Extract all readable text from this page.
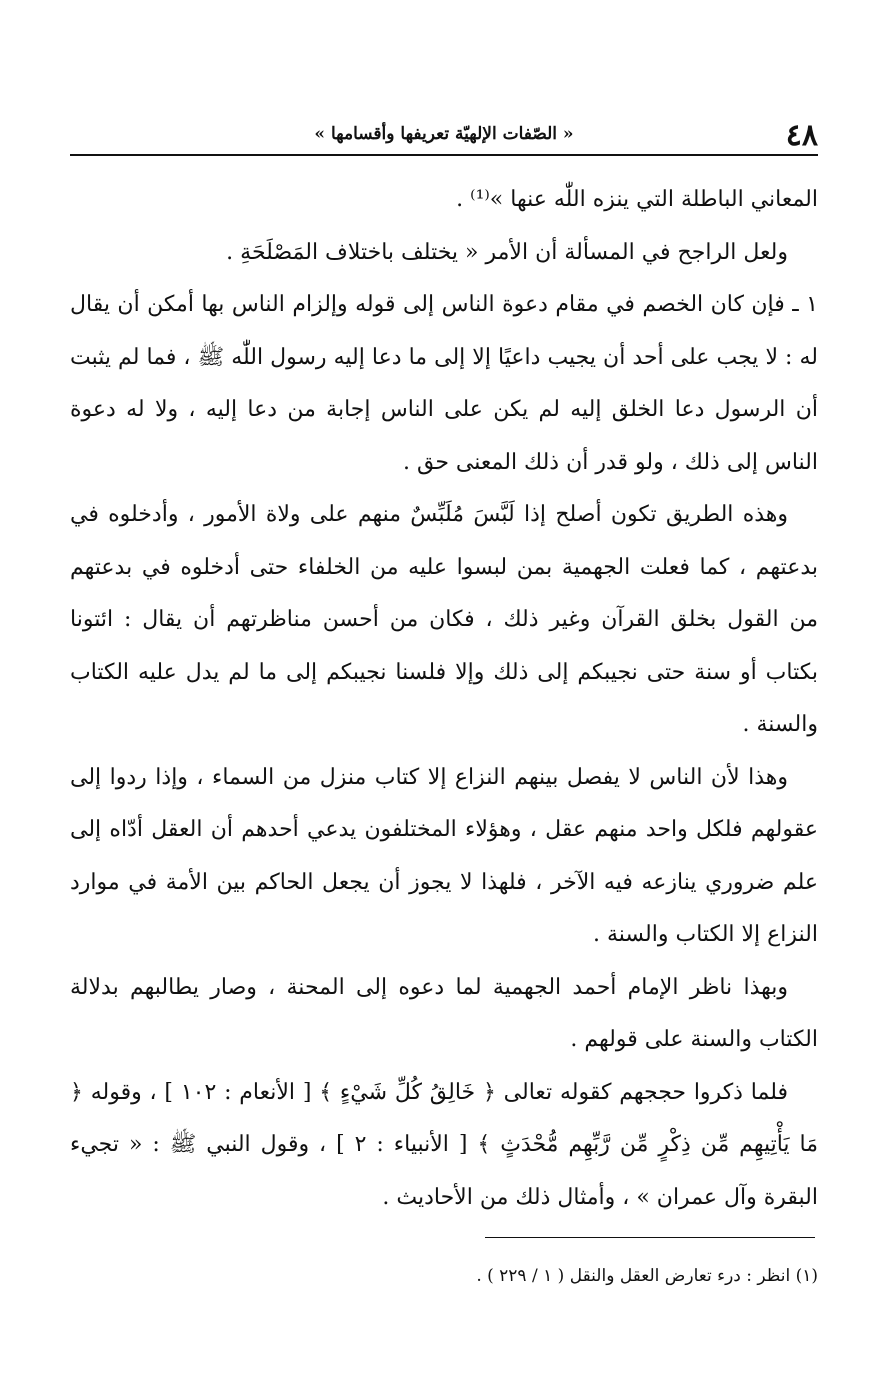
٤٨
« الصّفات الإلهيّة تعريفها وأقسامها »

المعاني الباطلة التي ينزه اللّٰه عنها »⁽¹⁾ .

ولعل الراجح في المسألة أن الأمر « يختلف باختلاف المَصْلَحَةِ .

١ ـ فإن كان الخصم في مقام دعوة الناس إلى قوله وإلزام الناس بها أمكن أن يقال له : لا يجب على أحد أن يجيب داعيًا إلا إلى ما دعا إليه رسول اللّٰه ﷺ ، فما لم يثبت أن الرسول دعا الخلق إليه لم يكن على الناس إجابة من دعا إليه ، ولا له دعوة الناس إلى ذلك ، ولو قدر أن ذلك المعنى حق .

وهذه الطريق تكون أصلح إذا لَبَّسَ مُلَبِّسٌ منهم على ولاة الأمور ، وأدخلوه في بدعتهم ، كما فعلت الجهمية بمن لبسوا عليه من الخلفاء حتى أدخلوه في بدعتهم من القول بخلق القرآن وغير ذلك ، فكان من أحسن مناظرتهم أن يقال : ائتونا بكتاب أو سنة حتى نجيبكم إلى ذلك وإلا فلسنا نجيبكم إلى ما لم يدل عليه الكتاب والسنة .

وهذا لأن الناس لا يفصل بينهم النزاع إلا كتاب منزل من السماء ، وإذا ردوا إلى عقولهم فلكل واحد منهم عقل ، وهؤلاء المختلفون يدعي أحدهم أن العقل أدّاه إلى علم ضروري ينازعه فيه الآخر ، فلهذا لا يجوز أن يجعل الحاكم بين الأمة في موارد النزاع إلا الكتاب والسنة .

وبهذا ناظر الإمام أحمد الجهمية لما دعوه إلى المحنة ، وصار يطالبهم بدلالة الكتاب والسنة على قولهم .

فلما ذكروا حججهم كقوله تعالى ﴿ خَالِقُ كُلِّ شَيْءٍ ﴾ [ الأنعام : ١٠٢ ] ، وقوله ﴿ مَا يَأْتِيهِم مِّن ذِكْرٍ مِّن رَّبِّهِم مُّحْدَثٍ ﴾ [ الأنبياء : ٢ ] ، وقول النبي ﷺ : « تجيء البقرة وآل عمران » ، وأمثال ذلك من الأحاديث .

(١) انظر : درء تعارض العقل والنقل ( ١ / ٢٢٩ ) .
